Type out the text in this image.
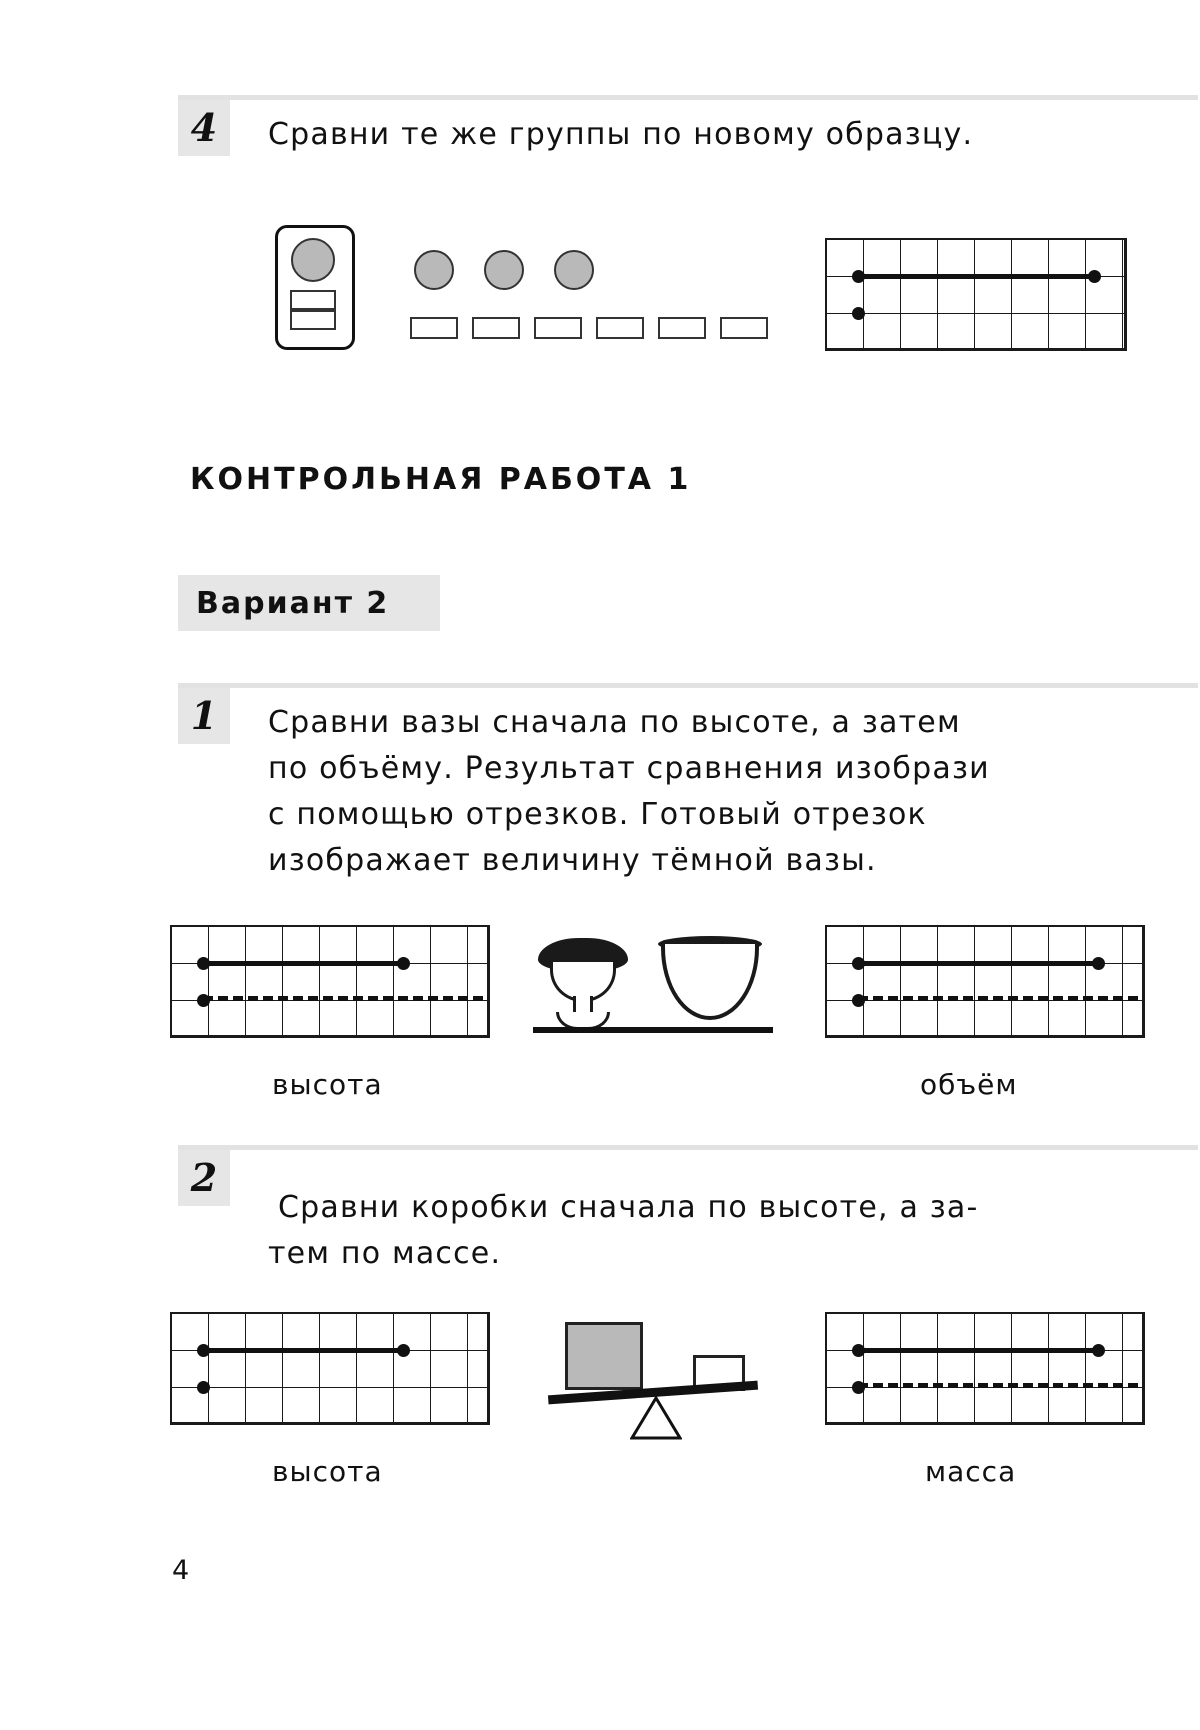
4	Сравни те же группы по новому образцу.
КОНТРОЛЬНАЯ РАБОТА 1
Вариант 2
1	Сравни вазы сначала по высоте, а затем
по объёму. Результат сравнения изобрази
с помощью отрезков. Готовый отрезок
изображает величину тёмной вазы.
высота	объём
2
Сравни коробки сначала по высоте, а за-
тем по массе.
высота	масса
4
